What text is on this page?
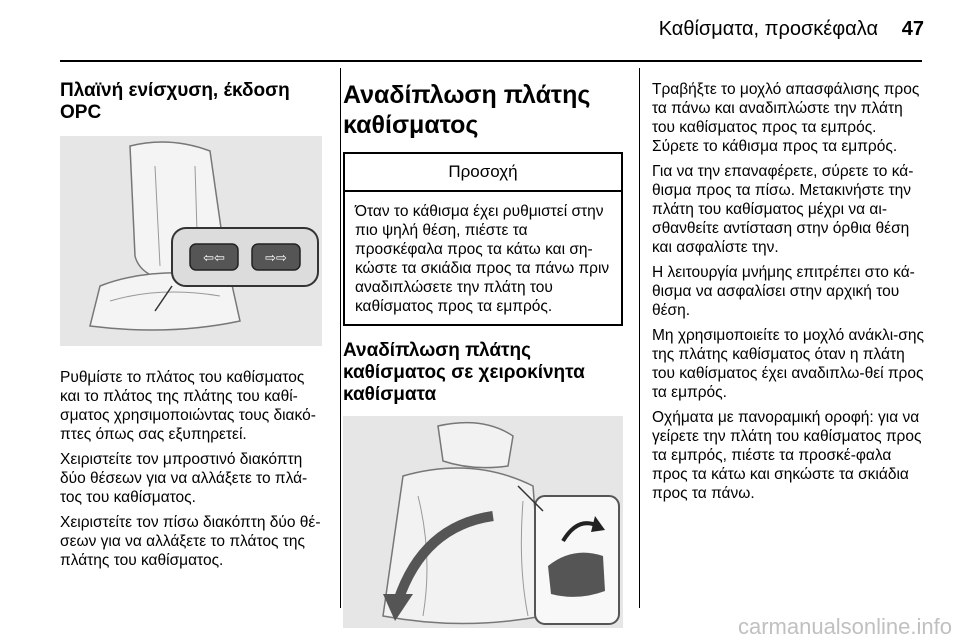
Καθίσματα, προσκέφαλα 47
Πλαϊνή ενίσχυση, έκδοση OPC
⇦⇦	⇨⇨

Ρυθμίστε το πλάτος του καθίσματος και το πλάτος της πλάτης του καθί-σματος χρησιμοποιώντας τους διακό-πτες όπως σας εξυπηρετεί.

Χειριστείτε τον μπροστινό διακόπτη δύο θέσεων για να αλλάξετε το πλά-τος του καθίσματος.

Χειριστείτε τον πίσω διακόπτη δύο θέ-σεων για να αλλάξετε το πλάτος της πλάτης του καθίσματος.

Αναδίπλωση πλάτης καθίσματος
Προσοχή

Όταν το κάθισμα έχει ρυθμιστεί στην πιο ψηλή θέση, πιέστε τα προσκέφαλα προς τα κάτω και ση-κώστε τα σκιάδια προς τα πάνω πριν αναδιπλώσετε την πλάτη του καθίσματος προς τα εμπρός.

Αναδίπλωση πλάτης καθίσματος σε χειροκίνητα καθίσματα

Τραβήξτε το μοχλό απασφάλισης προς τα πάνω και αναδιπλώστε την πλάτη του καθίσματος προς τα εμπρός. Σύρετε το κάθισμα προς τα εμπρός.

Για να την επαναφέρετε, σύρετε το κά-θισμα προς τα πίσω. Μετακινήστε την πλάτη του καθίσματος μέχρι να αι-σθανθείτε αντίσταση στην όρθια θέση και ασφαλίστε την.

Η λειτουργία μνήμης επιτρέπει στο κά-θισμα να ασφαλίσει στην αρχική του θέση.

Μη χρησιμοποιείτε το μοχλό ανάκλι-σης της πλάτης καθίσματος όταν η πλάτη του καθίσματος έχει αναδιπλω-θεί προς τα εμπρός.

Οχήματα με πανοραμική οροφή: για να γείρετε την πλάτη του καθίσματος προς τα εμπρός, πιέστε τα προσκέ-φαλα προς τα κάτω και σηκώστε τα σκιάδια προς τα πάνω.

carmanualsonline.info
